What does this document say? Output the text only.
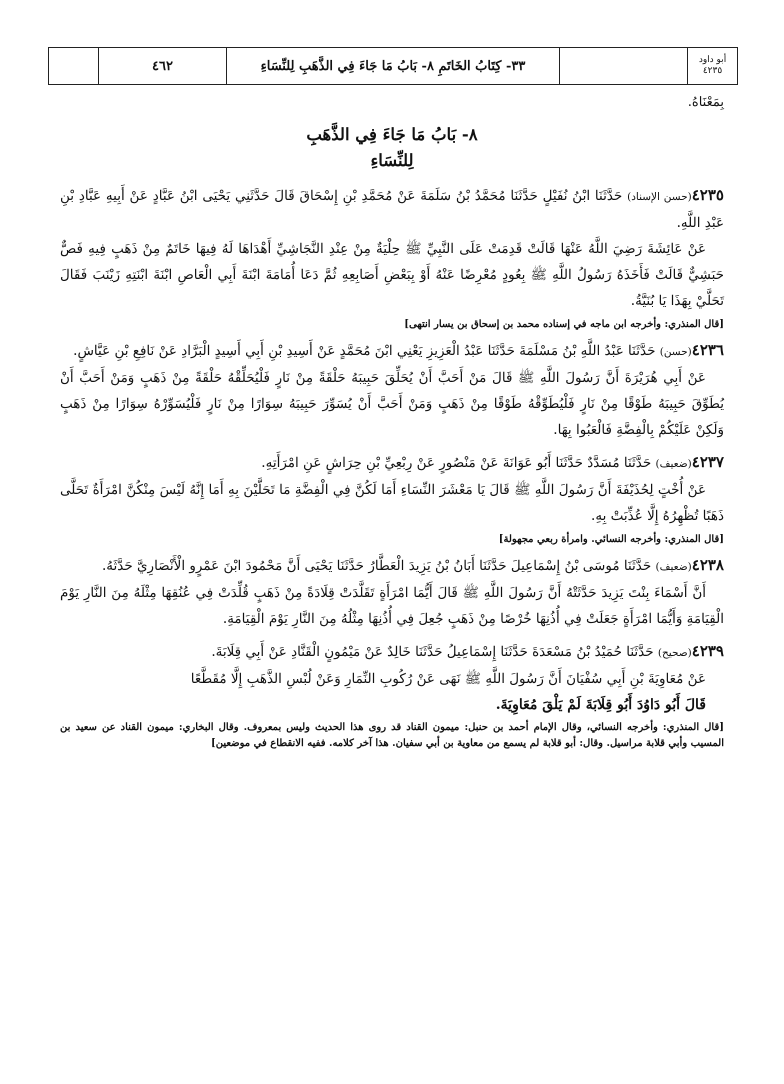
أبو داود
٤٢٣٥
٣٣- كِتَابُ الخَاتَمِ ٨- بَابُ مَا جَاءَ فِي الذَّهَبِ لِلنِّسَاءِ
٤٦٢

بِمَعْنَاهُ.

٨- بَابُ مَا جَاءَ فِي الذَّهَبِ

لِلنِّسَاءِ

٤٢٣٥(حسن الإسناد) حَدَّثَنَا ابْنُ نُفَيْلٍ حَدَّثَنَا مُحَمَّدُ بْنُ سَلَمَةَ عَنْ مُحَمَّدِ بْنِ إِسْحَاقَ قَالَ حَدَّثَنِي يَحْيَى ابْنُ عَبَّادٍ عَنْ أَبِيهِ عَبَّادِ بْنِ عَبْدِ اللَّهِ.

عَنْ عَائِشَةَ رَضِيَ اللَّهُ عَنْهَا قَالَتْ قَدِمَتْ عَلَى النَّبِيِّ ﷺ حِلْيَةٌ مِنْ عِنْدِ النَّجَاشِيِّ أَهْدَاهَا لَهُ فِيهَا خَاتَمٌ مِنْ ذَهَبٍ فِيهِ فَصٌّ حَبَشِيٌّ قَالَتْ فَأَخَذَهُ رَسُولُ اللَّهِ ﷺ بِعُودٍ مُعْرِضًا عَنْهُ أَوْ بِبَعْضِ أَصَابِعِهِ ثُمَّ دَعَا أُمَامَةَ ابْنَةَ أَبِي الْعَاصِ ابْنَةَ ابْنَتِهِ زَيْنَبَ فَقَالَ تَحَلَّيْ بِهَذَا يَا بُنَيَّةُ.

[قال المنذري: وأخرجه ابن ماجه في إسناده محمد بن إسحاق بن يسار انتهى]

٤٢٣٦(حسن) حَدَّثَنَا عَبْدُ اللَّهِ بْنُ مَسْلَمَةَ حَدَّثَنَا عَبْدُ الْعَزِيزِ يَعْنِي ابْنَ مُحَمَّدٍ عَنْ أَسِيدِ بْنِ أَبِي أَسِيدٍ الْبَرَّادِ عَنْ نَافِعِ بْنِ عَيَّاشٍ.

عَنْ أَبِي هُرَيْرَةَ أَنَّ رَسُولَ اللَّهِ ﷺ قَالَ مَنْ أَحَبَّ أَنْ يُحَلِّقَ حَبِيبَهُ حَلْقَةً مِنْ نَارٍ فَلْيُحَلِّقْهُ حَلْقَةً مِنْ ذَهَبٍ وَمَنْ أَحَبَّ أَنْ يُطَوِّقَ حَبِيبَهُ طَوْقًا مِنْ نَارٍ فَلْيُطَوِّقْهُ طَوْقًا مِنْ ذَهَبٍ وَمَنْ أَحَبَّ أَنْ يُسَوِّرَ حَبِيبَهُ سِوَارًا مِنْ نَارٍ فَلْيُسَوِّرْهُ سِوَارًا مِنْ ذَهَبٍ وَلَكِنْ عَلَيْكُمْ بِالْفِضَّةِ فَالْعَبُوا بِهَا.

٤٢٣٧(ضعيف) حَدَّثَنَا مُسَدَّدٌ حَدَّثَنَا أَبُو عَوَانَةَ عَنْ مَنْصُورٍ عَنْ رِبْعِيِّ بْنِ حِرَاشٍ عَنِ امْرَأَتِهِ.

عَنْ أُخْتٍ لِحُذَيْفَةَ أَنَّ رَسُولَ اللَّهِ ﷺ قَالَ يَا مَعْشَرَ النِّسَاءِ أَمَا لَكُنَّ فِي الْفِضَّةِ مَا تَحَلَّيْنَ بِهِ أَمَا إِنَّهُ لَيْسَ مِنْكُنَّ امْرَأَةٌ تَحَلَّى ذَهَبًا تُظْهِرُهُ إِلَّا عُذِّبَتْ بِهِ.

[قال المنذري: وأخرجه النسائي. وامرأة ربعي مجهولة]

٤٢٣٨(ضعيف) حَدَّثَنَا مُوسَى بْنُ إِسْمَاعِيلَ حَدَّثَنَا أَبَانُ بْنُ يَزِيدَ الْعَطَّارُ حَدَّثَنَا يَحْيَى أَنَّ مَحْمُودَ ابْنَ عَمْرٍو الْأَنْصَارِيَّ حَدَّثَهُ.

أَنَّ أَسْمَاءَ بِنْتَ يَزِيدَ حَدَّثَتْهُ أَنَّ رَسُولَ اللَّهِ ﷺ قَالَ أَيُّمَا امْرَأَةٍ تَقَلَّدَتْ قِلَادَةً مِنْ ذَهَبٍ قُلِّدَتْ فِي عُنُقِهَا مِثْلَهُ مِنَ النَّارِ يَوْمَ الْقِيَامَةِ وَأَيُّمَا امْرَأَةٍ جَعَلَتْ فِي أُذُنِهَا خُرْصًا مِنْ ذَهَبٍ جُعِلَ فِي أُذُنِهَا مِثْلُهُ مِنَ النَّارِ يَوْمَ الْقِيَامَةِ.

٤٢٣٩(صحيح) حَدَّثَنَا حُمَيْدُ بْنُ مَسْعَدَةَ حَدَّثَنَا إِسْمَاعِيلُ حَدَّثَنَا خَالِدٌ عَنْ مَيْمُونٍ الْقَنَّادِ عَنْ أَبِي قِلَابَةَ.

عَنْ مُعَاوِيَةَ بْنِ أَبِي سُفْيَانَ أَنَّ رَسُولَ اللَّهِ ﷺ نَهَى عَنْ رُكُوبِ النِّمَارِ وَعَنْ لُبْسِ الذَّهَبِ إِلَّا مُقَطَّعًا

قَالَ أَبُو دَاوُدَ أَبُو قِلَابَةَ لَمْ يَلْقَ مُعَاوِيَةَ.

[قال المنذري: وأخرجه النسائي، وقال الإمام أحمد بن حنبل: ميمون القناد قد روى هذا الحديث وليس بمعروف. وقال البخاري: ميمون القناد عن سعيد بن المسيب وأبي قلابة مراسيل. وقال: أبو قلابة لم يسمع من معاوية بن أبي سفيان. هذا آخر كلامه. ففيه الانقطاع في موضعين]
